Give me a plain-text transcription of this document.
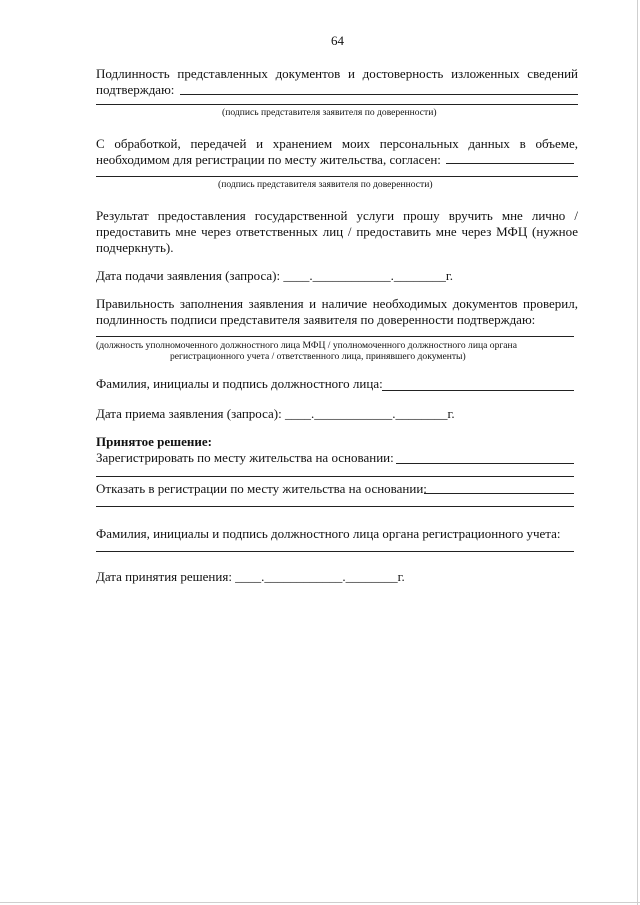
64
Подлинность представленных документов и достоверность изложенных сведений
подтверждаю:
(подпись представителя заявителя по доверенности)
С обработкой, передачей и хранением моих персональных данных в объеме,
необходимом для регистрации по месту жительства, согласен:
(подпись представителя заявителя по доверенности)
Результат предоставления государственной услуги прошу вручить мне лично /
предоставить мне через ответственных лиц / предоставить мне через МФЦ (нужное
подчеркнуть).
Дата подачи заявления (запроса): ____.____________.________г.
Правильность заполнения заявления и наличие необходимых документов проверил,
подлинность подписи представителя заявителя по доверенности подтверждаю:
(должность уполномоченного должностного лица МФЦ / уполномоченного должностного лица органа
регистрационного учета / ответственного лица, принявшего документы)
Фамилия, инициалы и подпись должностного лица:
Дата приема заявления (запроса): ____.____________.________г.
Принятое решение:
Зарегистрировать по месту жительства на основании:
Отказать в регистрации по месту жительства на основании:
Фамилия, инициалы и подпись должностного лица органа регистрационного учета:
Дата принятия решения: ____.____________.________г.
